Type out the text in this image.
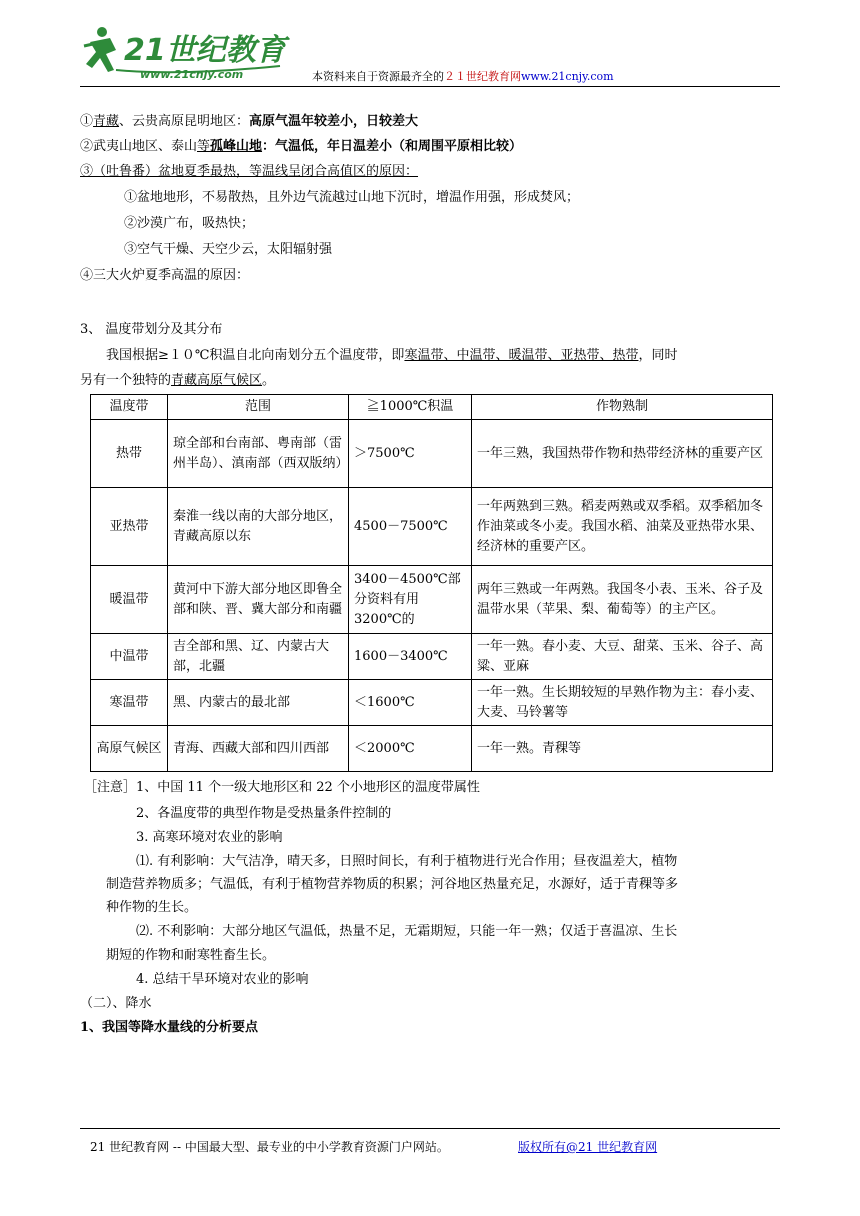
21世纪教育
www.21cnjy.com	本资料来自于资源最齐全的２１世纪教育网www.21cnjy.com
①青藏、云贵高原昆明地区：高原气温年较差小，日较差大
②武夷山地区、泰山等孤峰山地：气温低，年日温差小（和周围平原相比较）
③（吐鲁番）盆地夏季最热，等温线呈闭合高值区的原因：
①盆地地形，不易散热，且外边气流越过山地下沉时，增温作用强，形成焚风；
②沙漠广布，吸热快；
③空气干燥、天空少云，太阳辐射强
④三大火炉夏季高温的原因：
3、 温度带划分及其分布
我国根据≥１０℃积温自北向南划分五个温度带，即寒温带、中温带、暖温带、亚热带、热带，同时
另有一个独特的青藏高原气候区。
温度带	范围	≧1000℃积温	作物熟制
热带	琼全部和台南部、粤南部（雷州半岛）、滇南部（西双版纳）	＞7500℃	一年三熟，我国热带作物和热带经济林的重要产区
亚热带	秦淮一线以南的大部分地区，青藏高原以东	4500－7500℃	一年两熟到三熟。稻麦两熟或双季稻。双季稻加冬作油菜或冬小麦。我国水稻、油菜及亚热带水果、经济林的重要产区。
暖温带	黄河中下游大部分地区即鲁全部和陕、晋、冀大部分和南疆	3400－4500℃部分资料有用3200℃的	两年三熟或一年两熟。我国冬小表、玉米、谷子及温带水果（苹果、梨、葡萄等）的主产区。
中温带	吉全部和黑、辽、内蒙古大部，北疆	1600－3400℃	一年一熟。春小麦、大豆、甜菜、玉米、谷子、高粱、亚麻
寒温带	黑、内蒙古的最北部	＜1600℃	一年一熟。生长期较短的早熟作物为主：春小麦、大麦、马铃薯等
高原气候区	青海、西藏大部和四川西部	＜2000℃	一年一熟。青稞等
［注意］1、中国 11 个一级大地形区和 22 个小地形区的温度带属性
2、各温度带的典型作物是受热量条件控制的
3. 高寒环境对农业的影响
⑴. 有利影响：大气洁净，晴天多，日照时间长，有利于植物进行光合作用；昼夜温差大，植物
制造营养物质多；气温低，有利于植物营养物质的积累；河谷地区热量充足，水源好，适于青稞等多
种作物的生长。
⑵. 不利影响：大部分地区气温低，热量不足，无霜期短，只能一年一熟；仅适于喜温凉、生长
期短的作物和耐寒牲畜生长。
4. 总结干旱环境对农业的影响
（二）、降水
1、我国等降水量线的分析要点
21 世纪教育网 -- 中国最大型、最专业的中小学教育资源门户网站。	版权所有@21 世纪教育网
